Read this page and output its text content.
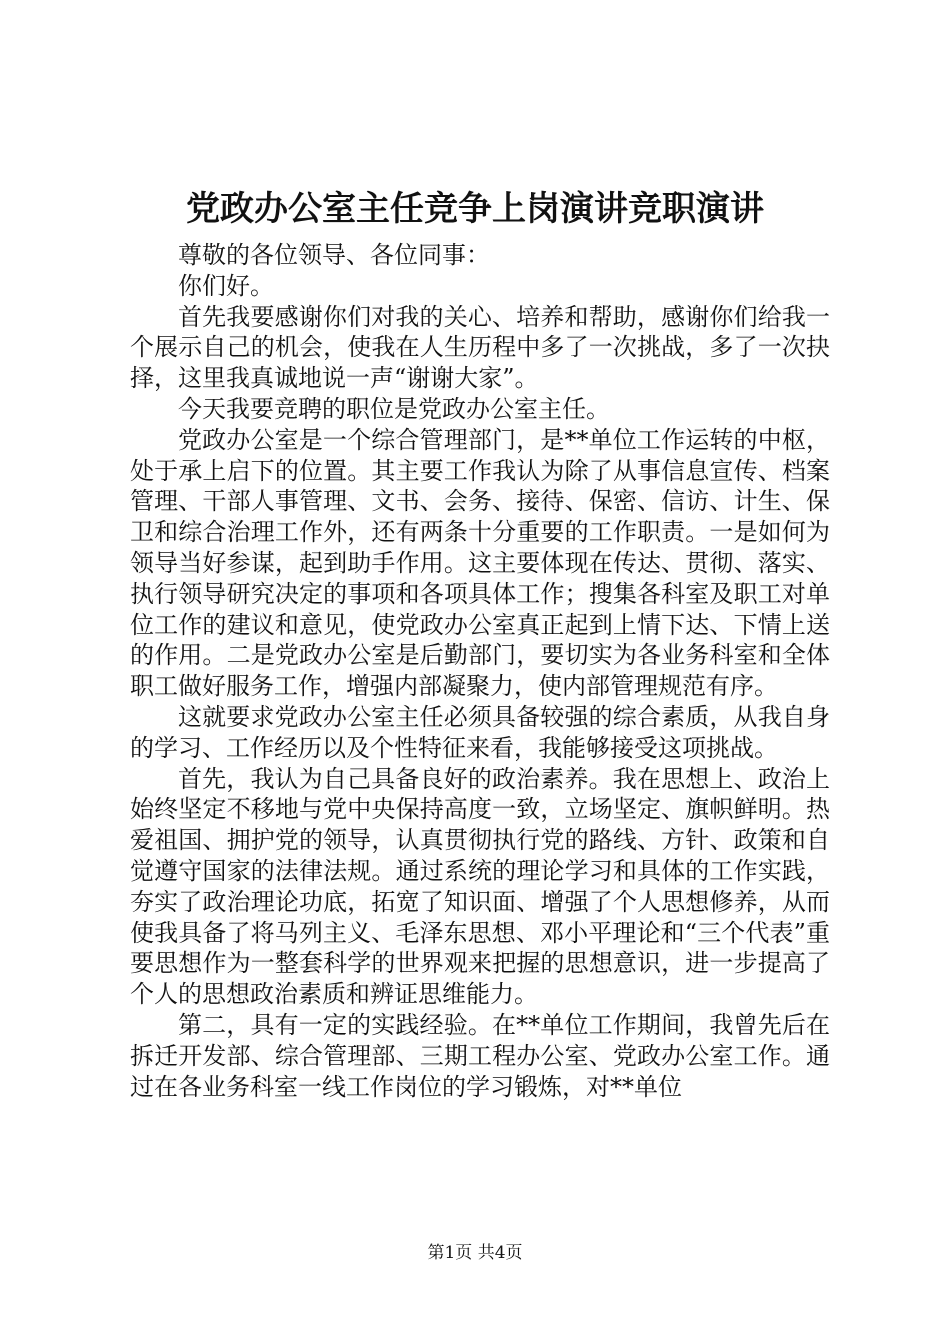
党政办公室主任竞争上岗演讲竞职演讲

尊敬的各位领导、各位同事：

你们好。

首先我要感谢你们对我的关心、培养和帮助，感谢你们给我一个展示自己的机会，使我在人生历程中多了一次挑战，多了一次抉择，这里我真诚地说一声“谢谢大家”。

今天我要竞聘的职位是党政办公室主任。

党政办公室是一个综合管理部门，是**单位工作运转的中枢，处于承上启下的位置。其主要工作我认为除了从事信息宣传、档案管理、干部人事管理、文书、会务、接待、保密、信访、计生、保卫和综合治理工作外，还有两条十分重要的工作职责。一是如何为领导当好参谋，起到助手作用。这主要体现在传达、贯彻、落实、执行领导研究决定的事项和各项具体工作；搜集各科室及职工对单位工作的建议和意见，使党政办公室真正起到上情下达、下情上送的作用。二是党政办公室是后勤部门，要切实为各业务科室和全体职工做好服务工作，增强内部凝聚力，使内部管理规范有序。

这就要求党政办公室主任必须具备较强的综合素质，从我自身的学习、工作经历以及个性特征来看，我能够接受这项挑战。

首先，我认为自己具备良好的政治素养。我在思想上、政治上始终坚定不移地与党中央保持高度一致，立场坚定、旗帜鲜明。热爱祖国、拥护党的领导，认真贯彻执行党的路线、方针、政策和自觉遵守国家的法律法规。通过系统的理论学习和具体的工作实践，夯实了政治理论功底，拓宽了知识面、增强了个人思想修养，从而使我具备了将马列主义、毛泽东思想、邓小平理论和“三个代表”重要思想作为一整套科学的世界观来把握的思想意识，进一步提高了个人的思想政治素质和辨证思维能力。

第二，具有一定的实践经验。在**单位工作期间，我曾先后在拆迁开发部、综合管理部、三期工程办公室、党政办公室工作。通过在各业务科室一线工作岗位的学习锻炼，对**单位

第1页 共4页
